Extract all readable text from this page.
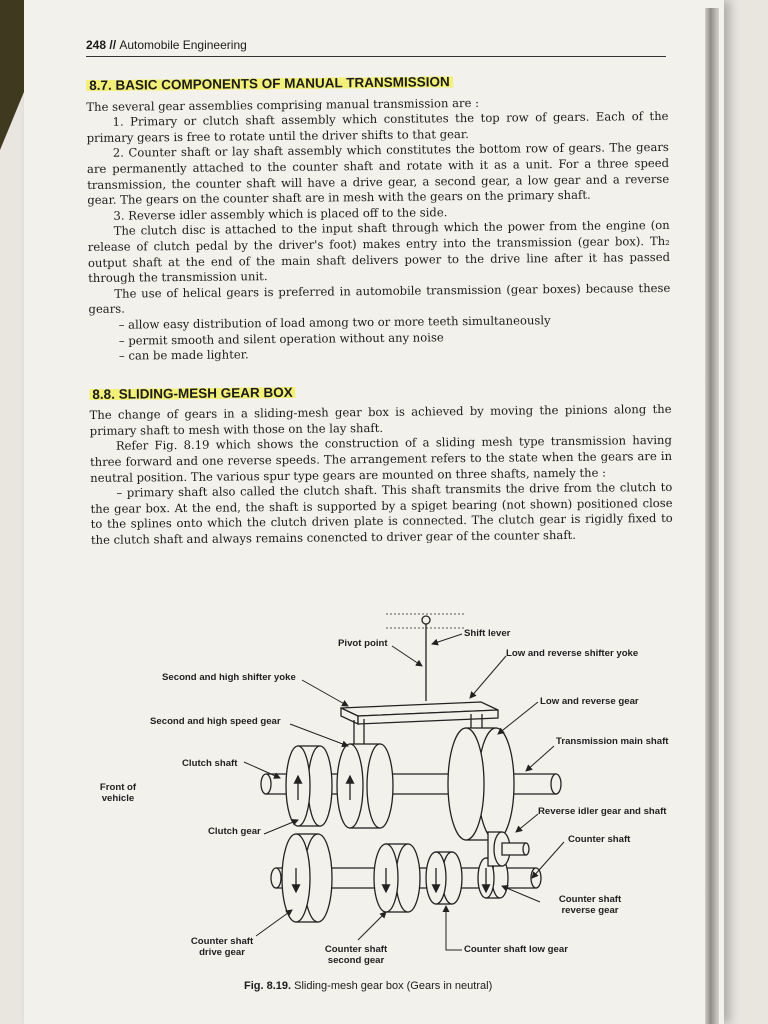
248 // Automobile Engineering
8.7. BASIC COMPONENTS OF MANUAL TRANSMISSION

The several gear assemblies comprising manual transmission are :

1. Primary or clutch shaft assembly which constitutes the top row of gears. Each of the primary gears is free to rotate until the driver shifts to that gear.

2. Counter shaft or lay shaft assembly which constitutes the bottom row of gears. The gears are permanently attached to the counter shaft and rotate with it as a unit. For a three speed transmission, the counter shaft will have a drive gear, a second gear, a low gear and a reverse gear. The gears on the counter shaft are in mesh with the gears on the primary shaft.

3. Reverse idler assembly which is placed off to the side.

The clutch disc is attached to the input shaft through which the power from the engine (on release of clutch pedal by the driver's foot) makes entry into the transmission (gear box). Th₂ output shaft at the end of the main shaft delivers power to the drive line after it has passed through the transmission unit.

The use of helical gears is preferred in automobile transmission (gear boxes) because these gears.

– allow easy distribution of load among two or more teeth simultaneously

– permit smooth and silent operation without any noise

– can be made lighter.

8.8. SLIDING-MESH GEAR BOX

The change of gears in a sliding-mesh gear box is achieved by moving the pinions along the primary shaft to mesh with those on the lay shaft.

Refer Fig. 8.19 which shows the construction of a sliding mesh type transmission having three forward and one reverse speeds. The arrangement refers to the state when the gears are in neutral position. The various spur type gears are mounted on three shafts, namely the :

– primary shaft also called the clutch shaft. This shaft transmits the drive from the clutch to the gear box. At the end, the shaft is supported by a spiget bearing (not shown) positioned close to the splines onto which the clutch driven plate is connected. The clutch gear is rigidly fixed to the clutch shaft and always remains conencted to driver gear of the counter shaft.

Shift lever
Pivot point
Low and reverse shifter yoke
Second and high shifter yoke
Low and reverse gear
Second and high speed gear
Transmission main shaft
Clutch shaft
Front of vehicle
Reverse idler gear and shaft
Clutch gear
Counter shaft
Counter shaft reverse gear
Counter shaft drive gear	Counter shaft second gear
Counter shaft low gear
Fig. 8.19. Sliding-mesh gear box (Gears in neutral)
